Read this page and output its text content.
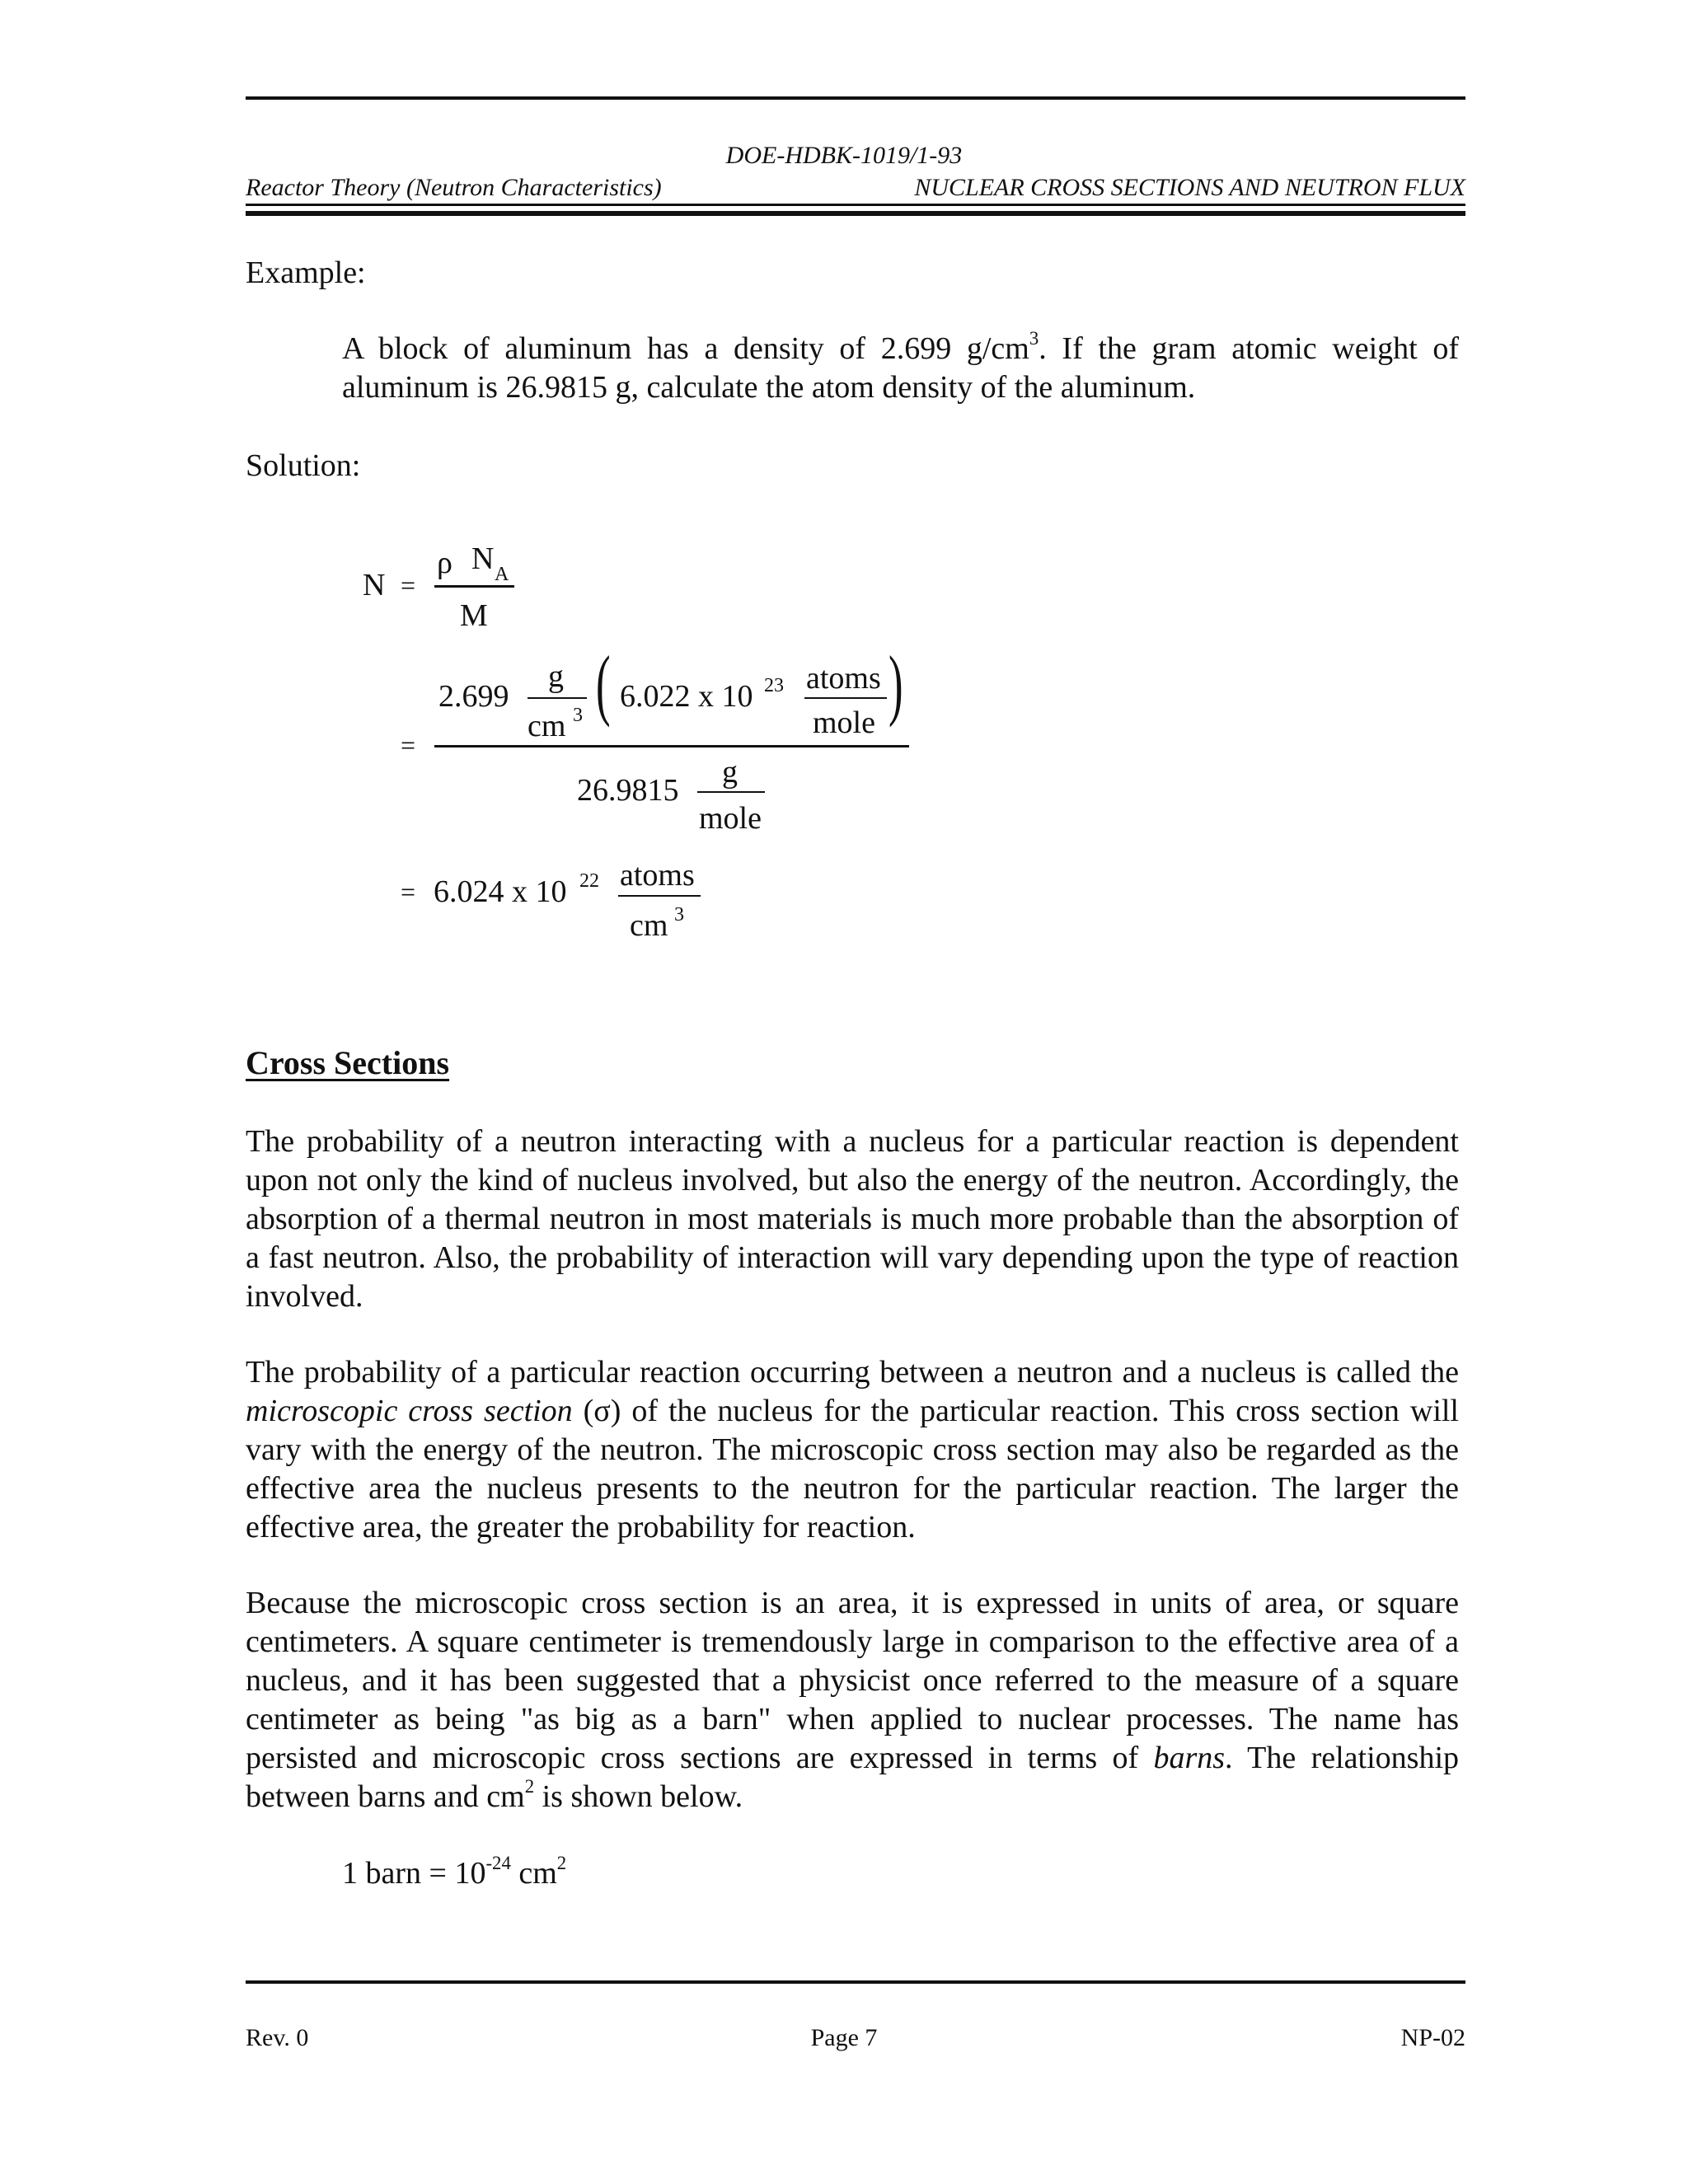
DOE-HDBK-1019/1-93
Reactor Theory (Neutron Characteristics)	NUCLEAR CROSS SECTIONS AND NEUTRON FLUX
Example:
A block of aluminum has a density of 2.699 $g/cm^3$. If the gram atomic weight of aluminum is 26.9815 g, calculate the atom density of the aluminum.
Solution:
N =
ρ N A
M
=
2.699
g
cm 3 ( 6.022 x 10 23 atoms
mole )
26.9815
g
mole
= 6.024 x 10 22 atoms
cm 3
Cross Sections
The probability of a neutron interacting with a nucleus for a particular reaction is dependent upon not only the kind of nucleus involved, but also the energy of the neutron. Accordingly, the absorption of a thermal neutron in most materials is much more probable than the absorption of a fast neutron. Also, the probability of interaction will vary depending upon the type of reaction involved.
The probability of a particular reaction occurring between a neutron and a nucleus is called the microscopic cross section (σ) of the nucleus for the particular reaction. This cross section will vary with the energy of the neutron. The microscopic cross section may also be regarded as the effective area the nucleus presents to the neutron for the particular reaction. The larger the effective area, the greater the probability for reaction.
Because the microscopic cross section is an area, it is expressed in units of area, or square centimeters. A square centimeter is tremendously large in comparison to the effective area of a nucleus, and it has been suggested that a physicist once referred to the measure of a square centimeter as being "as big as a barn" when applied to nuclear processes. The name has persisted and microscopic cross sections are expressed in terms of barns. The relationship between barns and $cm^2$ is shown below.
1 barn = $10^{-24}$ $cm^2$
Rev. 0	Page 7	NP-02
